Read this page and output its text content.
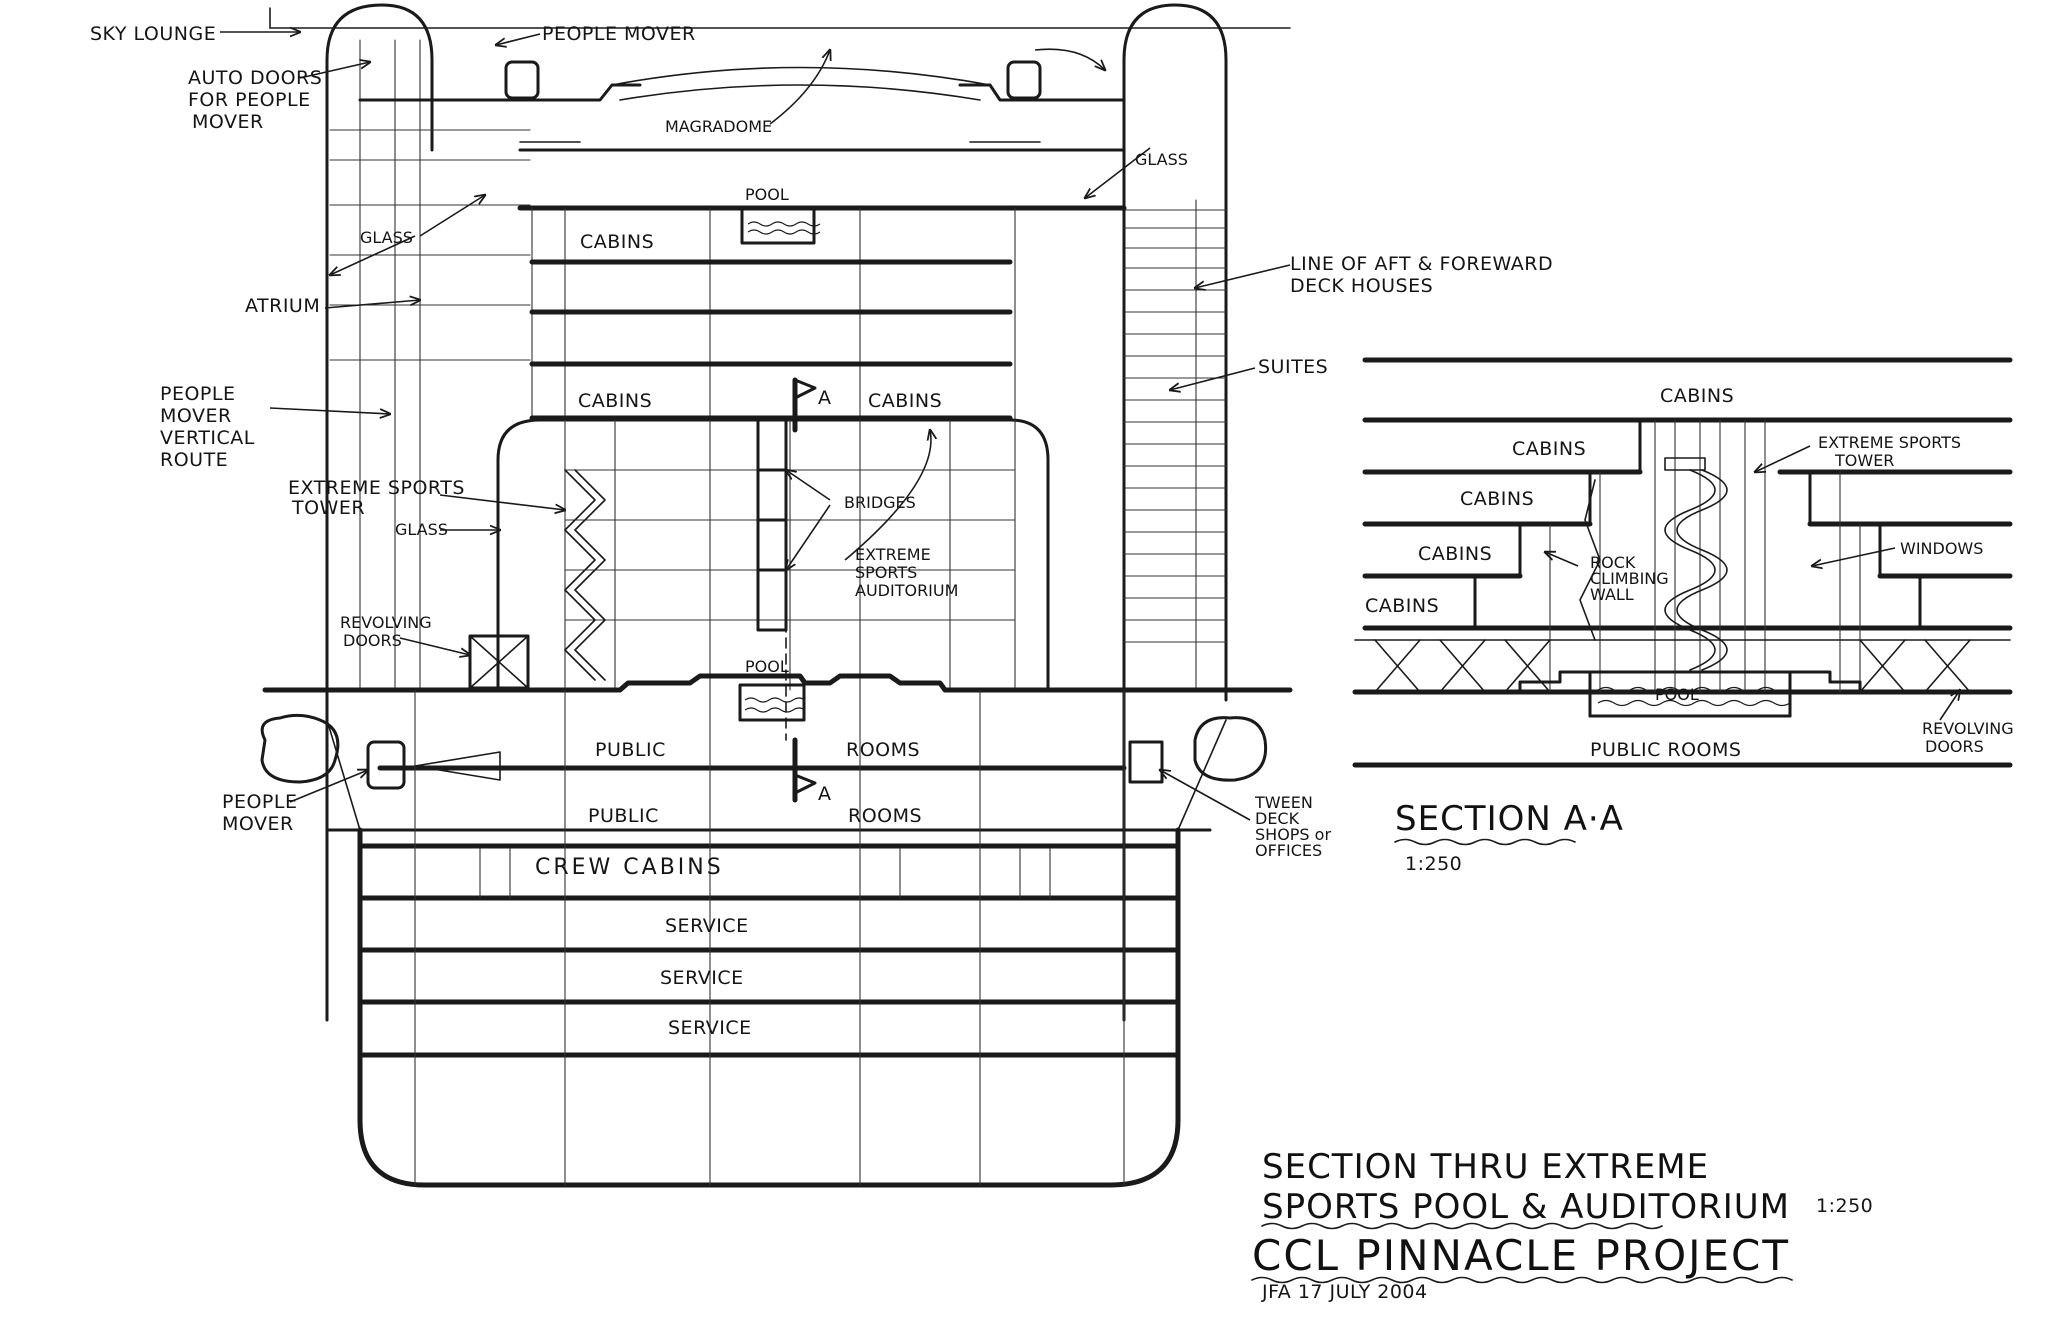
SKY LOUNGE	PEOPLE MOVER
AUTO DOORS
FOR PEOPLE
MOVER	MAGRADOME
GLASS
POOL
CABINS
GLASS
ATRIUM
LINE OF AFT & FOREWARD
DECK HOUSES
SUITES
PEOPLE
MOVER
VERTICAL
ROUTE
CABINS	CABINS
A
EXTREME SPORTS
TOWER	BRIDGES
GLASS
EXTREME
SPORTS
AUDITORIUM
REVOLVING
DOORS
POOL
PUBLIC	ROOMS
PUBLIC	ROOMS
A
PEOPLE
MOVER
TWEEN
DECK
SHOPS or
OFFICES
CREW CABINS
SERVICE
SERVICE
SERVICE
CABINS
CABINS
CABINS
CABINS
CABINS
EXTREME SPORTS
TOWER
WINDOWS
ROCK
CLIMBING
WALL
POOL
PUBLIC ROOMS
REVOLVING
DOORS
SECTION A·A
1:250
SECTION THRU EXTREME
SPORTS POOL & AUDITORIUM 1:250
CCL PINNACLE PROJECT
JFA 17 JULY 2004
